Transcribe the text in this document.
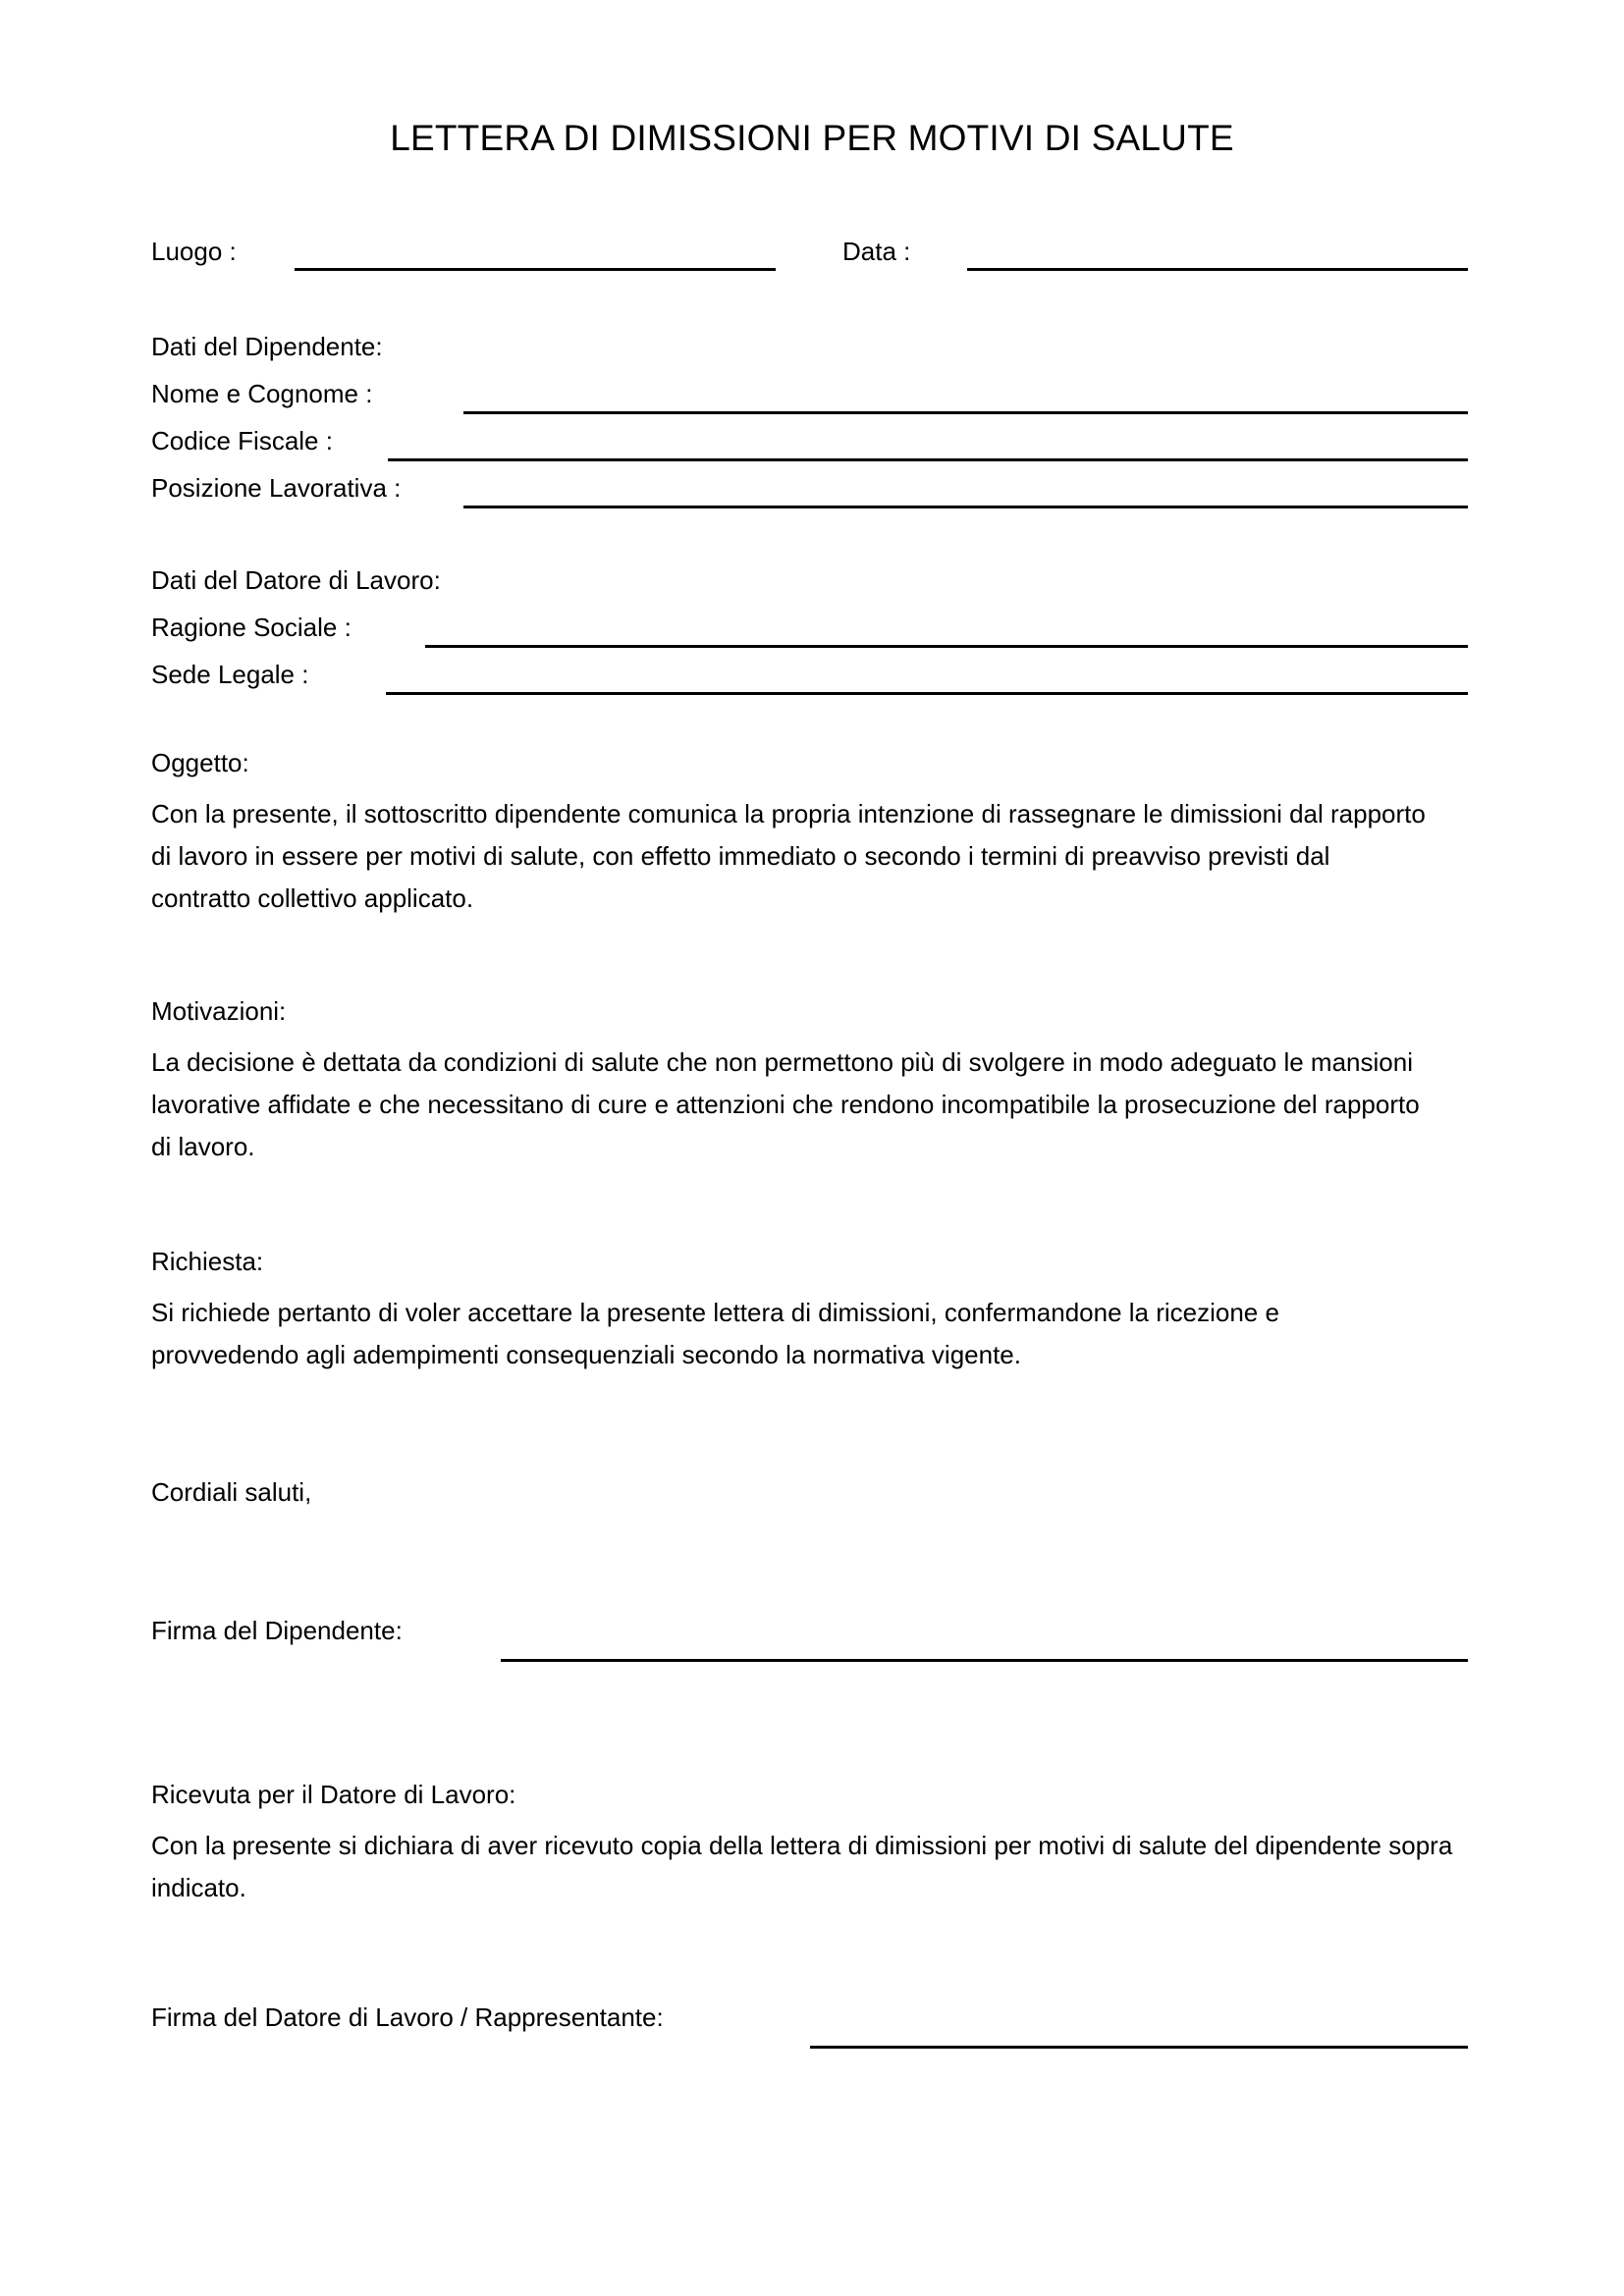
LETTERA DI DIMISSIONI PER MOTIVI DI SALUTE
Luogo :	Data :
Dati del Dipendente:
Nome e Cognome :
Codice Fiscale :
Posizione Lavorativa :
Dati del Datore di Lavoro:
Ragione Sociale :
Sede Legale :
Oggetto:
Con la presente, il sottoscritto dipendente comunica la propria intenzione di rassegnare le dimissioni dal rapporto di lavoro in essere per motivi di salute, con effetto immediato o secondo i termini di preavviso previsti dal contratto collettivo applicato.
Motivazioni:
La decisione è dettata da condizioni di salute che non permettono più di svolgere in modo adeguato le mansioni lavorative affidate e che necessitano di cure e attenzioni che rendono incompatibile la prosecuzione del rapporto di lavoro.
Richiesta:
Si richiede pertanto di voler accettare la presente lettera di dimissioni, confermandone la ricezione e provvedendo agli adempimenti consequenziali secondo la normativa vigente.
Cordiali saluti,
Firma del Dipendente:
Ricevuta per il Datore di Lavoro:
Con la presente si dichiara di aver ricevuto copia della lettera di dimissioni per motivi di salute del dipendente sopra indicato.
Firma del Datore di Lavoro / Rappresentante:
